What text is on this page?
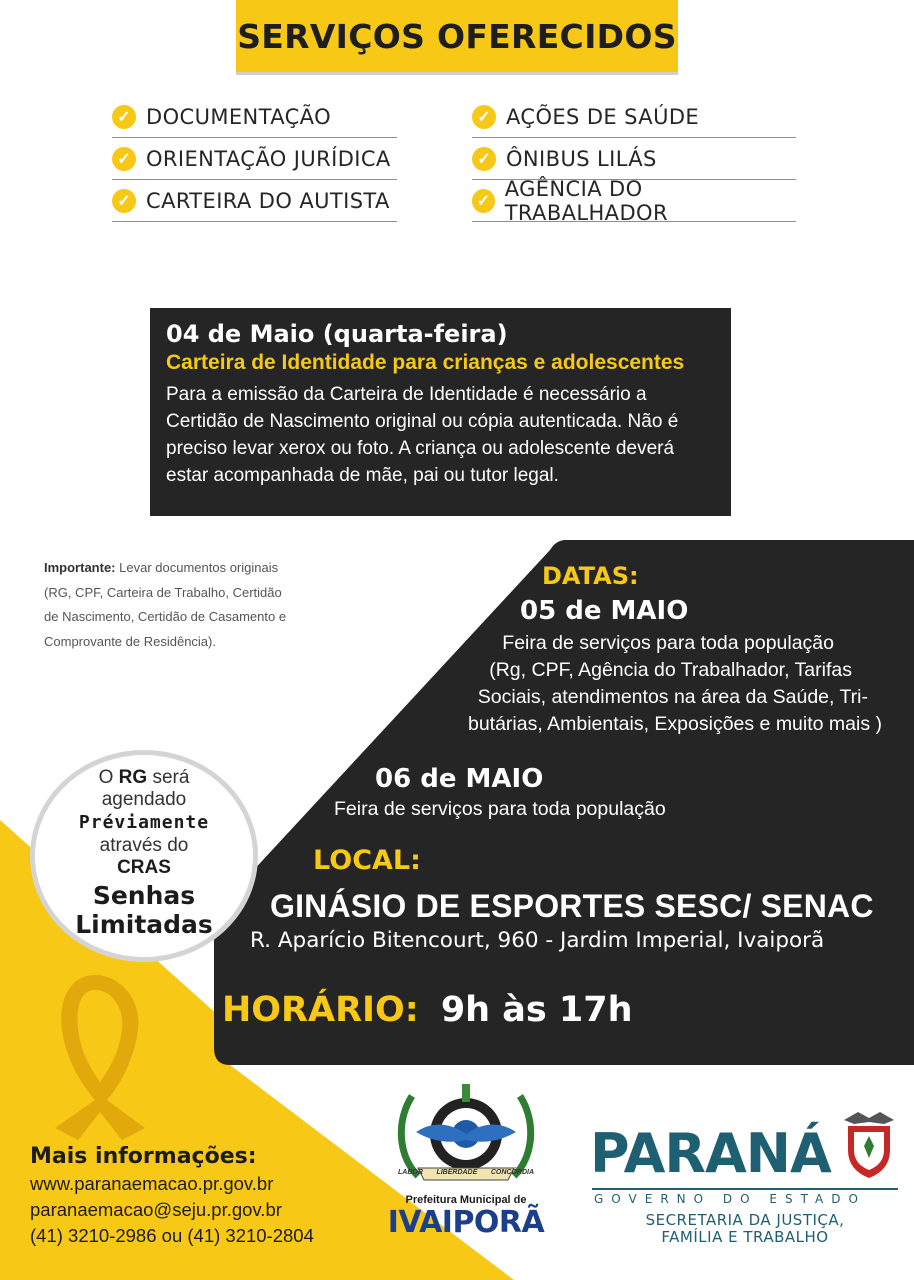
SERVIÇOS OFERECIDOS
✓ DOCUMENTAÇÃO
✓ ORIENTAÇÃO JURÍDICA
✓ CARTEIRA DO AUTISTA
✓ AÇÕES DE SAÚDE
✓ ÔNIBUS LILÁS
✓
AGÊNCIA DO TRABALHADOR
04 de Maio (quarta-feira)
Carteira de Identidade para crianças e adolescentes
Para a emissão da Carteira de Identidade é necessário a
Certidão de Nascimento original ou cópia autenticada. Não é
preciso levar xerox ou foto. A criança ou adolescente deverá
estar acompanhada de mãe, pai ou tutor legal.
Importante: Levar documentos originais
(RG, CPF, Carteira de Trabalho, Certidão
de Nascimento, Certidão de Casamento e
Comprovante de Residência).
DATAS:
05 de MAIO
Feira de serviços para toda população
(Rg, CPF, Agência do Trabalhador, Tarifas
Sociais, atendimentos na área da Saúde, Tri-
butárias, Ambientais, Exposições e muito mais )
06 de MAIO
Feira de serviços para toda população
LOCAL:
GINÁSIO DE ESPORTES SESC/ SENAC
R. Aparício Bitencourt, 960 - Jardim Imperial, Ivaiporã
HORÁRIO: 9h às 17h
O RG será
agendado
Préviamente
através do
CRAS
Senhas
Limitadas
Mais informações:
www.paranaemacao.pr.gov.br
paranaemacao@seju.pr.gov.br
(41) 3210-2986 ou (41) 3210-2804
LABOR LIBERDADE CONCÓRDIA
Prefeitura Municipal de
IVAIPORÃ
PARANÁ
GOVERNO DO ESTADO
SECRETARIA DA JUSTIÇA,
FAMÍLIA E TRABALHO
